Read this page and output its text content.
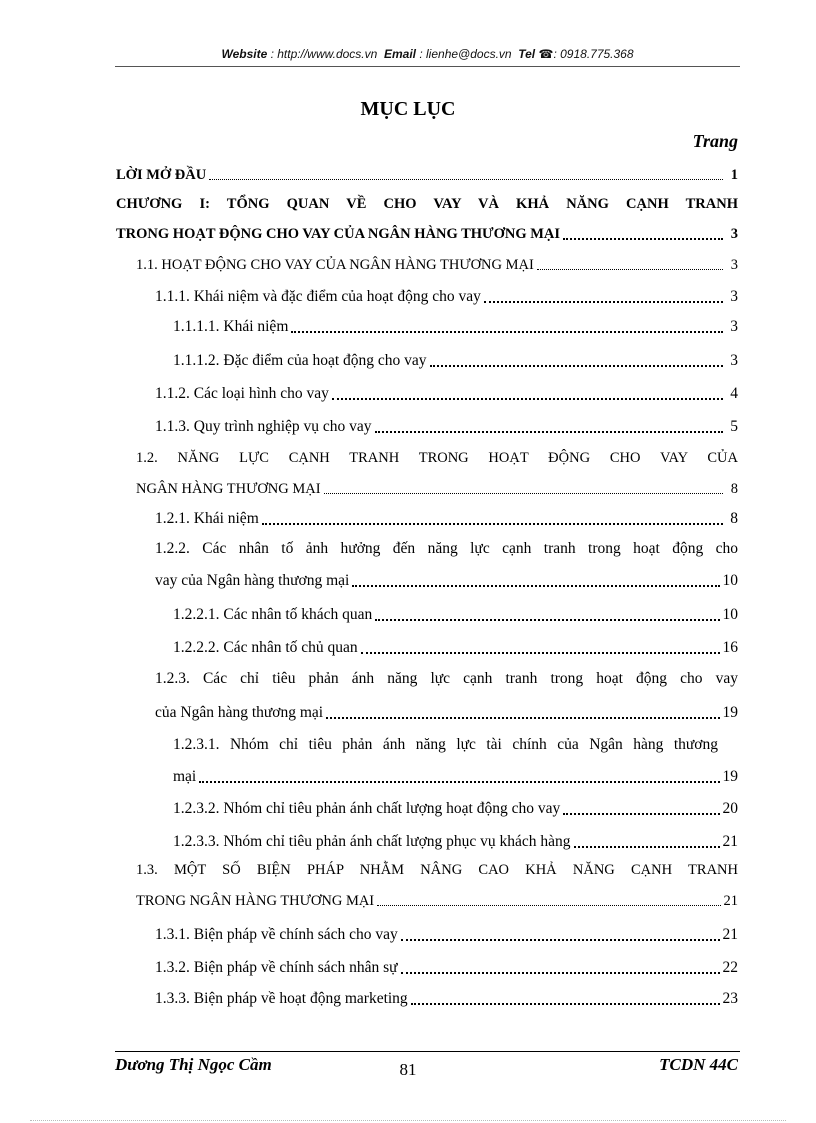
Website : http://www.docs.vn Email : lienhe@docs.vn Tel ☎: 0918.775.368
MỤC LỤC
Trang
LỜI MỞ ĐẦU	1
CHƯƠNG I: TỔNG QUAN VỀ CHO VAY VÀ KHẢ NĂNG CẠNH TRANH
TRONG HOẠT ĐỘNG CHO VAY CỦA NGÂN HÀNG THƯƠNG MẠI	3
1.1. HOẠT ĐỘNG CHO VAY CỦA NGÂN HÀNG THƯƠNG MẠI	3
1.1.1. Khái niệm và đặc điểm của hoạt động cho vay	3
1.1.1.1. Khái niệm	3
1.1.1.2. Đặc điểm của hoạt động cho vay	3
1.1.2. Các loại hình cho vay	4
1.1.3. Quy trình nghiệp vụ cho vay	5
1.2. NĂNG LỰC CẠNH TRANH TRONG HOẠT ĐỘNG CHO VAY CỦA
NGÂN HÀNG THƯƠNG MẠI	8
1.2.1. Khái niệm	8
1.2.2. Các nhân tố ảnh hưởng đến năng lực cạnh tranh trong hoạt động cho
vay của Ngân hàng thương mại	10
1.2.2.1. Các nhân tố khách quan	10
1.2.2.2. Các nhân tố chủ quan	16
1.2.3. Các chỉ tiêu phản ánh năng lực cạnh tranh trong hoạt động cho vay
của Ngân hàng thương mại	19
1.2.3.1. Nhóm chỉ tiêu phản ánh năng lực tài chính của Ngân hàng thương
mại	19
1.2.3.2. Nhóm chỉ tiêu phản ánh chất lượng hoạt động cho vay	20
1.2.3.3. Nhóm chỉ tiêu phản ánh chất lượng phục vụ khách hàng	21
1.3. MỘT SỐ BIỆN PHÁP NHẰM NÂNG CAO KHẢ NĂNG CẠNH TRANH
TRONG NGÂN HÀNG THƯƠNG MẠI	21
1.3.1. Biện pháp về chính sách cho vay	21
1.3.2. Biện pháp về chính sách nhân sự	22
1.3.3. Biện pháp về hoạt động marketing	23
Dương Thị Ngọc Cầm	81	TCDN 44C
